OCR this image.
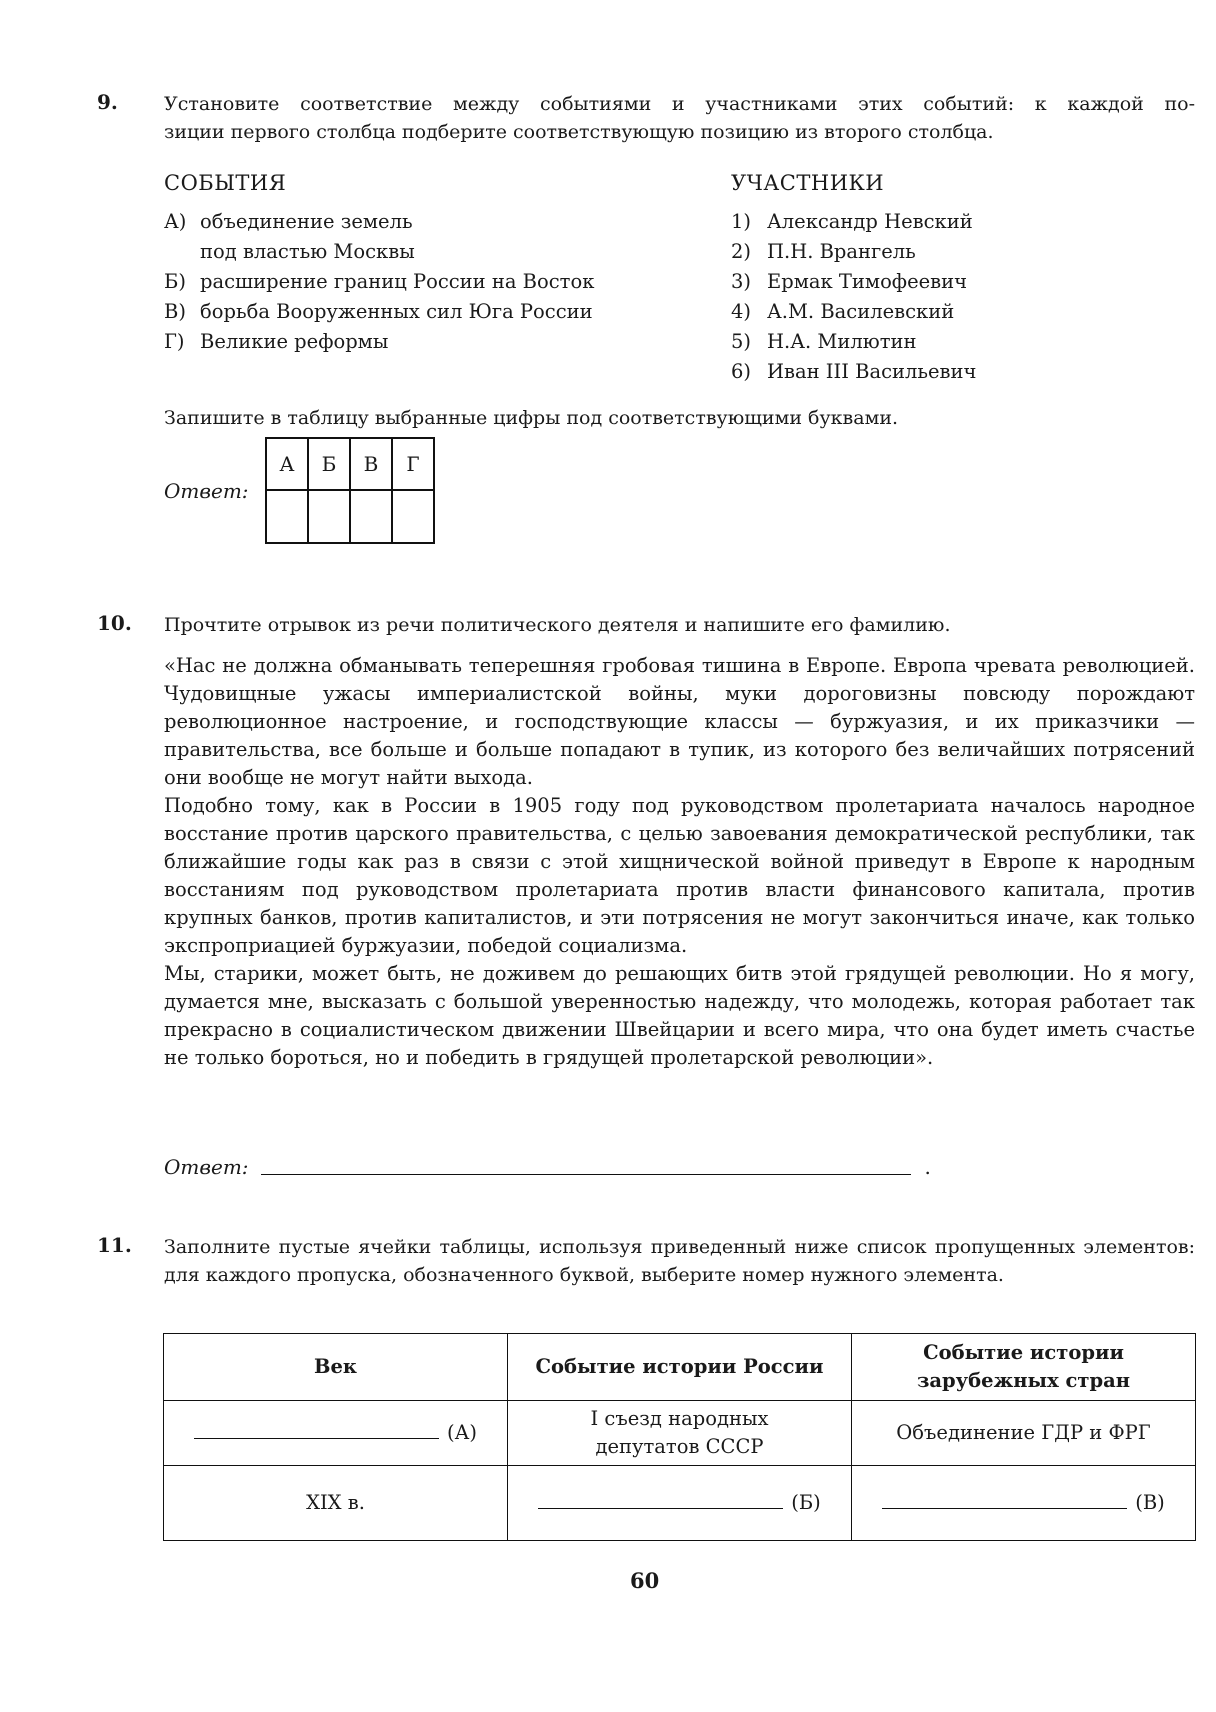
9. Установите соответствие между событиями и участниками этих событий: к каждой по-
зиции первого столбца подберите соответствующую позицию из второго столбца.
СОБЫТИЯ	УЧАСТНИКИ
А) объединение земель
под властью Москвы
Б) расширение границ России на Восток
В) борьба Вооруженных сил Юга России
Г) Великие реформы
1) Александр Невский
2) П.Н. Врангель
3) Ермак Тимофеевич
4) А.М. Василевский
5) Н.А. Милютин
6) Иван III Васильевич
Запишите в таблицу выбранные цифры под соответствующими буквами.
Ответ:
А	Б	В	Г

10. Прочтите отрывок из речи политического деятеля и напишите его фамилию.

«Нас не должна обманывать теперешняя гробовая тишина в Европе. Европа чревата революцией. Чудовищные ужасы империалистской войны, муки дороговизны повсюду порождают революционное настроение, и господствующие классы — буржуазия, и их приказчики — правительства, все больше и больше попадают в тупик, из которого без величайших потрясений они вообще не могут найти выхода.

Подобно тому, как в России в 1905 году под руководством пролетариата началось народное восстание против царского правительства, с целью завоевания демократической республики, так ближайшие годы как раз в связи с этой хищнической войной приведут в Европе к народным восстаниям под руководством пролетариата против власти финансового капитала, против крупных банков, против капиталистов, и эти потрясения не могут закончиться иначе, как только экспроприацией буржуазии, победой социализма.

Мы, старики, может быть, не доживем до решающих битв этой грядущей революции. Но я могу, думается мне, высказать с большой уверенностью надежду, что молодежь, которая работает так прекрасно в социалистическом движении Швейцарии и всего мира, что она будет иметь счастье не только бороться, но и победить в грядущей пролетарской революции».

Ответ:	.
11. Заполните пустые ячейки таблицы, используя приведенный ниже список пропущенных элементов: для каждого пропуска, обозначенного буквой, выберите номер нужного элемента.
Век	Событие истории России	Событие истории зарубежных стран

(А)	I съезд народных депутатов СССР	Объединение ГДР и ФРГ
XIX в.	(Б)	(В)
60
